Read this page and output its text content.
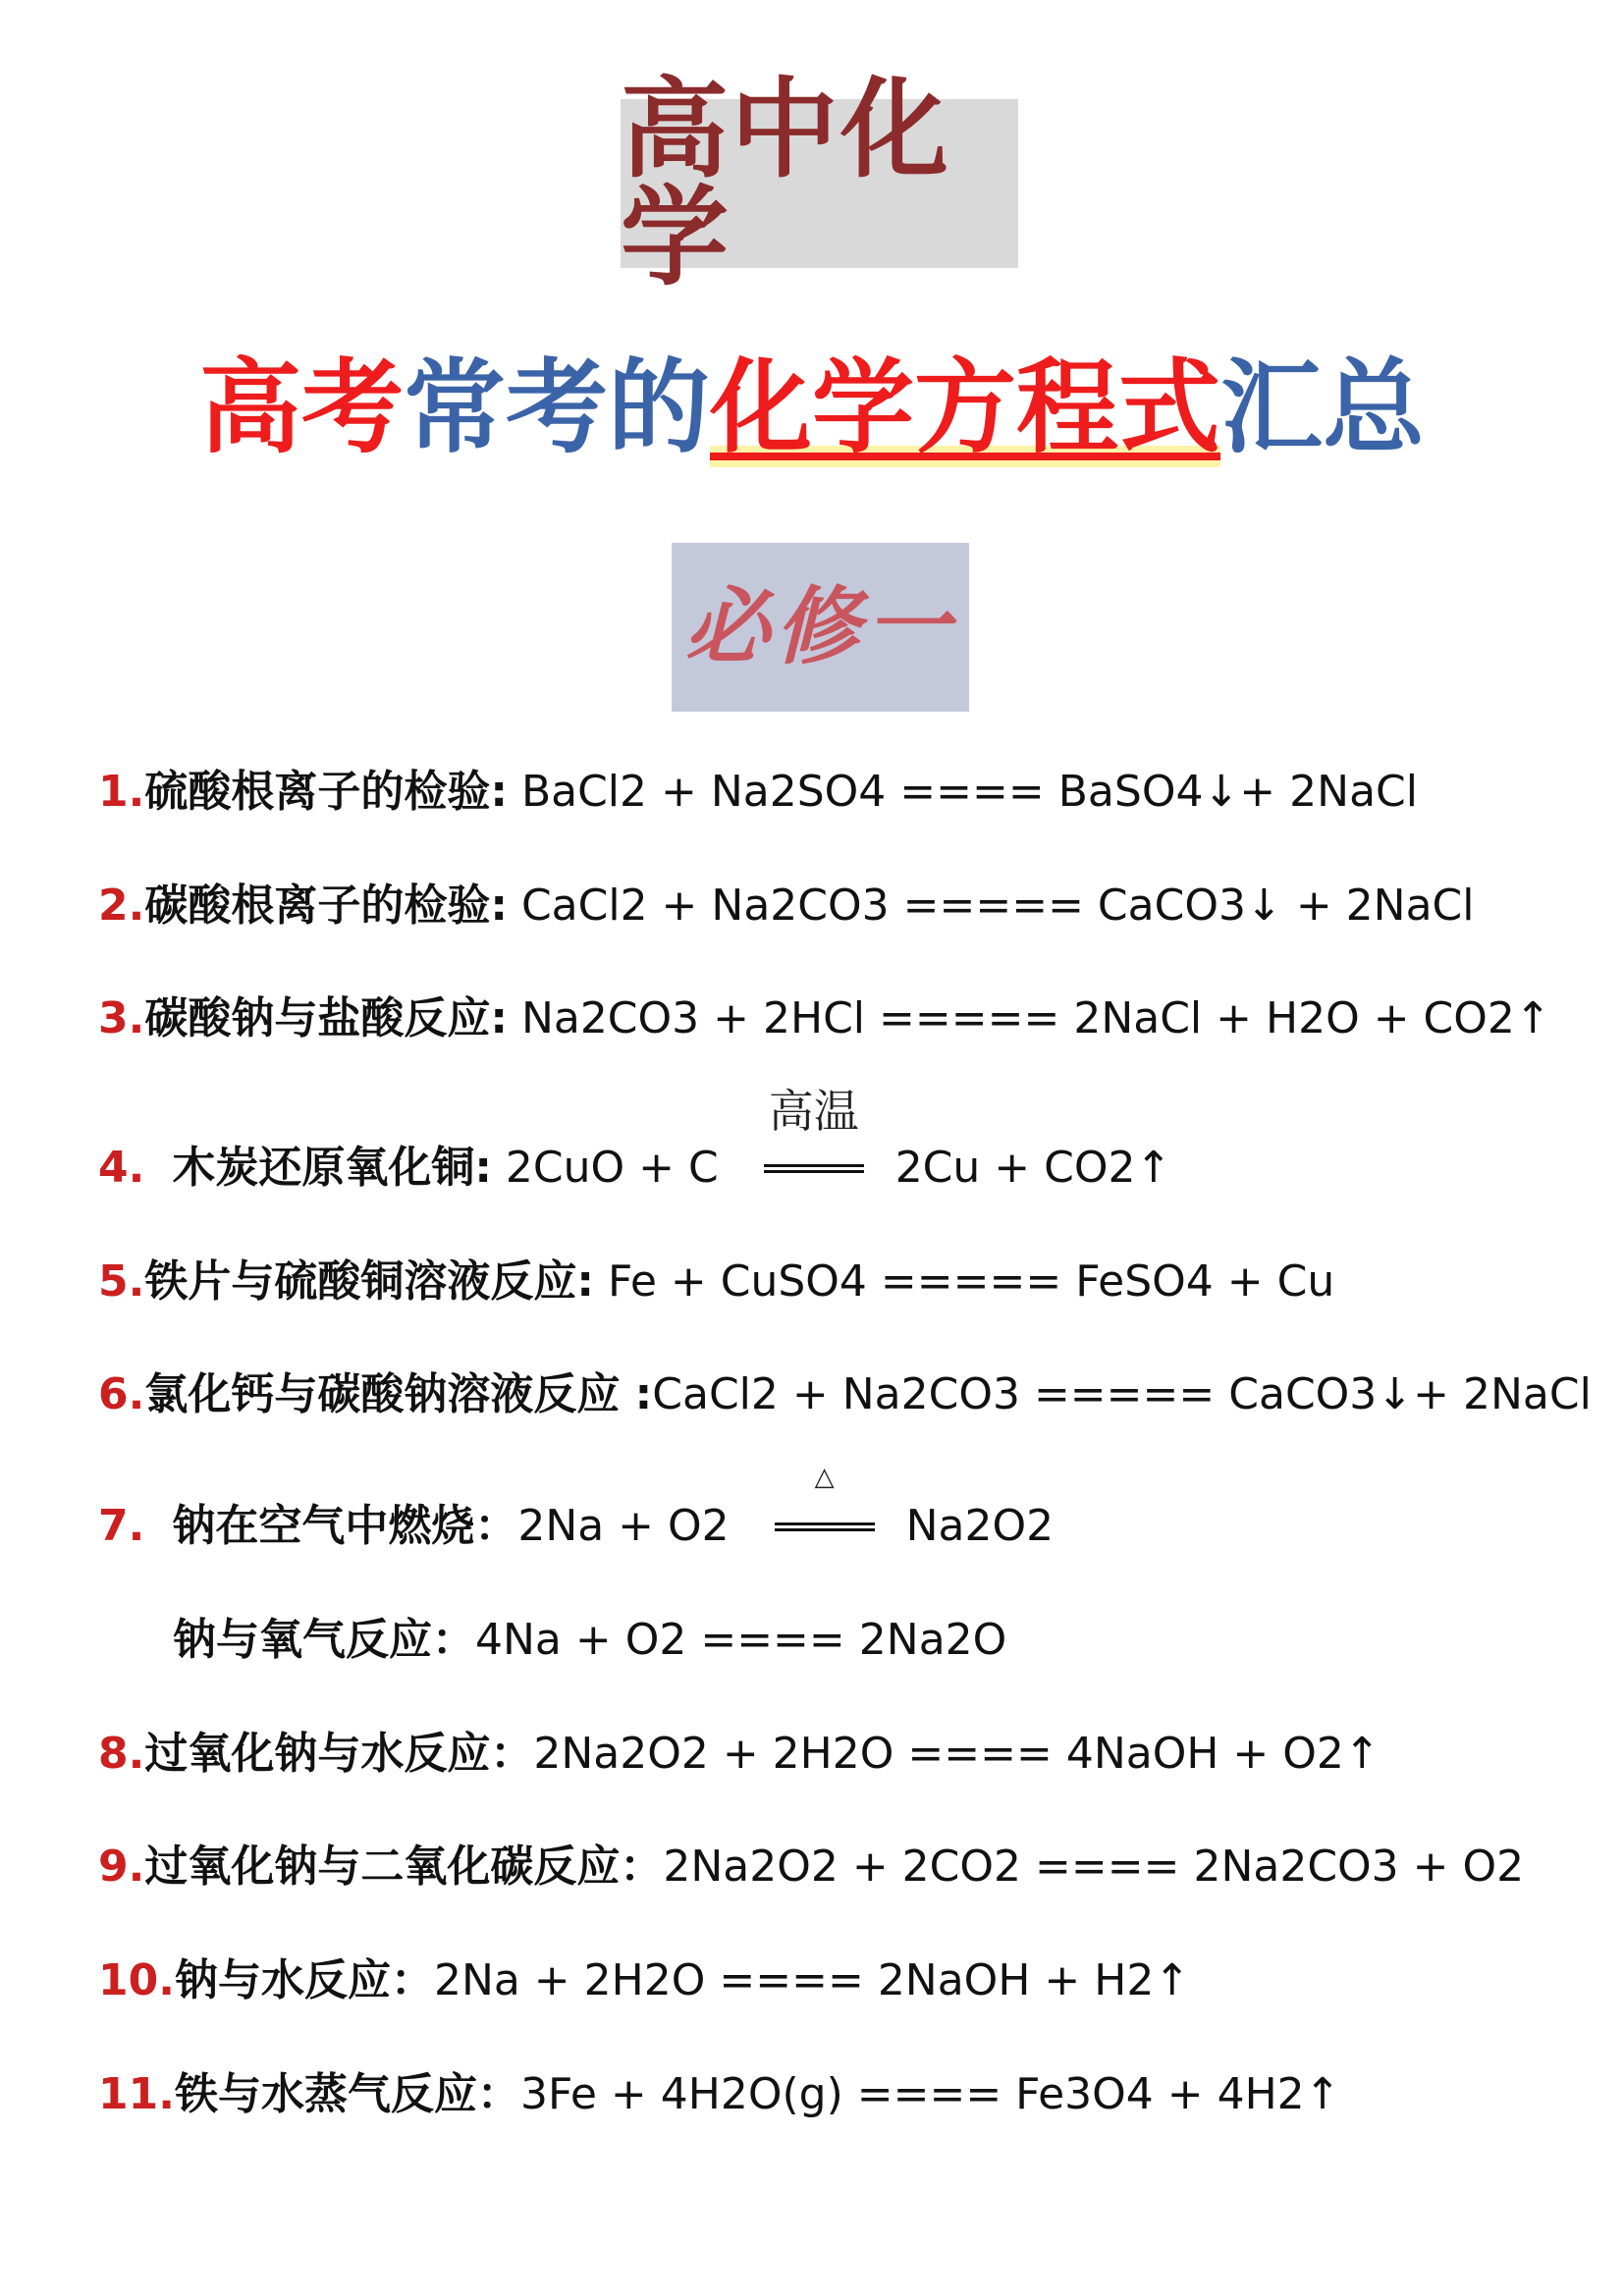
高中化学
高考常考的化学方程式汇总
必修一
1.硫酸根离子的检验: BaCl2 + Na2SO4 ==== BaSO4↓+ 2NaCl
2.碳酸根离子的检验: CaCl2 + Na2CO3 ===== CaCO3↓ + 2NaCl
3.碳酸钠与盐酸反应: Na2CO3 + 2HCl ===== 2NaCl + H2O + CO2↑
4. 木炭还原氧化铜: 2CuO + C
高温
2Cu + CO2↑
5.铁片与硫酸铜溶液反应: Fe + CuSO4 ===== FeSO4 + Cu
6.氯化钙与碳酸钠溶液反应 :CaCl2 + Na2CO3 ===== CaCO3↓+ 2NaCl
7. 钠在空气中燃烧：2Na + O2
△
Na2O2
钠与氧气反应：4Na + O2 ==== 2Na2O
8.过氧化钠与水反应：2Na2O2 + 2H2O ==== 4NaOH + O2↑
9.过氧化钠与二氧化碳反应：2Na2O2 + 2CO2 ==== 2Na2CO3 + O2
10.钠与水反应：2Na + 2H2O ==== 2NaOH + H2↑
11.铁与水蒸气反应：3Fe + 4H2O(g) ==== Fe3O4 + 4H2↑
